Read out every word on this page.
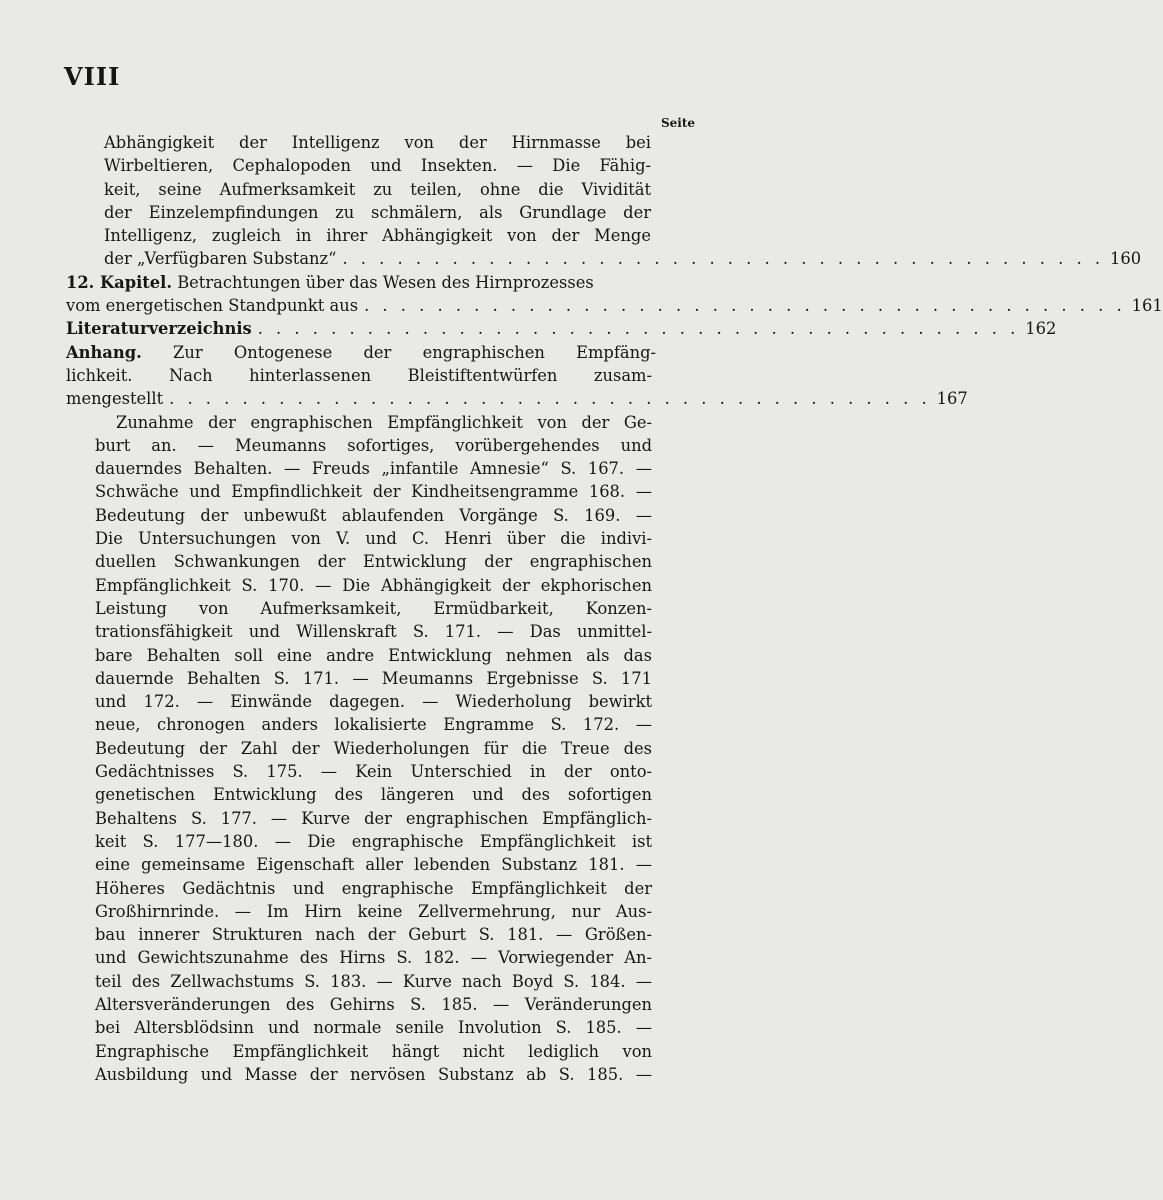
VIII
Seite
Abhängigkeit der Intelligenz von der Hirnmasse bei
Wirbeltieren, Cephalopoden und Insekten. — Die Fähig-
keit, seine Aufmerksamkeit zu teilen, ohne die Vividität
der Einzelempfindungen zu schmälern, als Grundlage der
Intelligenz, zugleich in ihrer Abhängigkeit von der Menge
der „Verfügbaren Substanz“ . . . . . . . . . . . . . . . . . . . . . . . . . . . . . . . . . . . . . . . . . . 160
12. Kapitel. Betrachtungen über das Wesen des Hirnprozesses
vom energetischen Standpunkt aus . . . . . . . . . . . . . . . . . . . . . . . . . . . . . . . . . . . . . . . . . . 161
Literaturverzeichnis . . . . . . . . . . . . . . . . . . . . . . . . . . . . . . . . . . . . . . . . . . 162
Anhang. Zur Ontogenese der engraphischen Empfäng-
lichkeit. Nach hinterlassenen Bleistiftentwürfen zusam-
mengestellt . . . . . . . . . . . . . . . . . . . . . . . . . . . . . . . . . . . . . . . . . . 167
Zunahme der engraphischen Empfänglichkeit von der Ge-
burt an. — Meumanns sofortiges, vorübergehendes und
dauerndes Behalten. — Freuds „infantile Amnesie“ S. 167. —
Schwäche und Empfindlichkeit der Kindheitsengramme 168. —
Bedeutung der unbewußt ablaufenden Vorgänge S. 169. —
Die Untersuchungen von V. und C. Henri über die indivi-
duellen Schwankungen der Entwicklung der engraphischen
Empfänglichkeit S. 170. — Die Abhängigkeit der ekphorischen
Leistung von Aufmerksamkeit, Ermüdbarkeit, Konzen-
trationsfähigkeit und Willenskraft S. 171. — Das unmittel-
bare Behalten soll eine andre Entwicklung nehmen als das
dauernde Behalten S. 171. — Meumanns Ergebnisse S. 171
und 172. — Einwände dagegen. — Wiederholung bewirkt
neue, chronogen anders lokalisierte Engramme S. 172. —
Bedeutung der Zahl der Wiederholungen für die Treue des
Gedächtnisses S. 175. — Kein Unterschied in der onto-
genetischen Entwicklung des längeren und des sofortigen
Behaltens S. 177. — Kurve der engraphischen Empfänglich-
keit S. 177—180. — Die engraphische Empfänglichkeit ist
eine gemeinsame Eigenschaft aller lebenden Substanz 181. —
Höheres Gedächtnis und engraphische Empfänglichkeit der
Großhirnrinde. — Im Hirn keine Zellvermehrung, nur Aus-
bau innerer Strukturen nach der Geburt S. 181. — Größen-
und Gewichtszunahme des Hirns S. 182. — Vorwiegender An-
teil des Zellwachstums S. 183. — Kurve nach Boyd S. 184. —
Altersveränderungen des Gehirns S. 185. — Veränderungen
bei Altersblödsinn und normale senile Involution S. 185. —
Engraphische Empfänglichkeit hängt nicht lediglich von
Ausbildung und Masse der nervösen Substanz ab S. 185. —
